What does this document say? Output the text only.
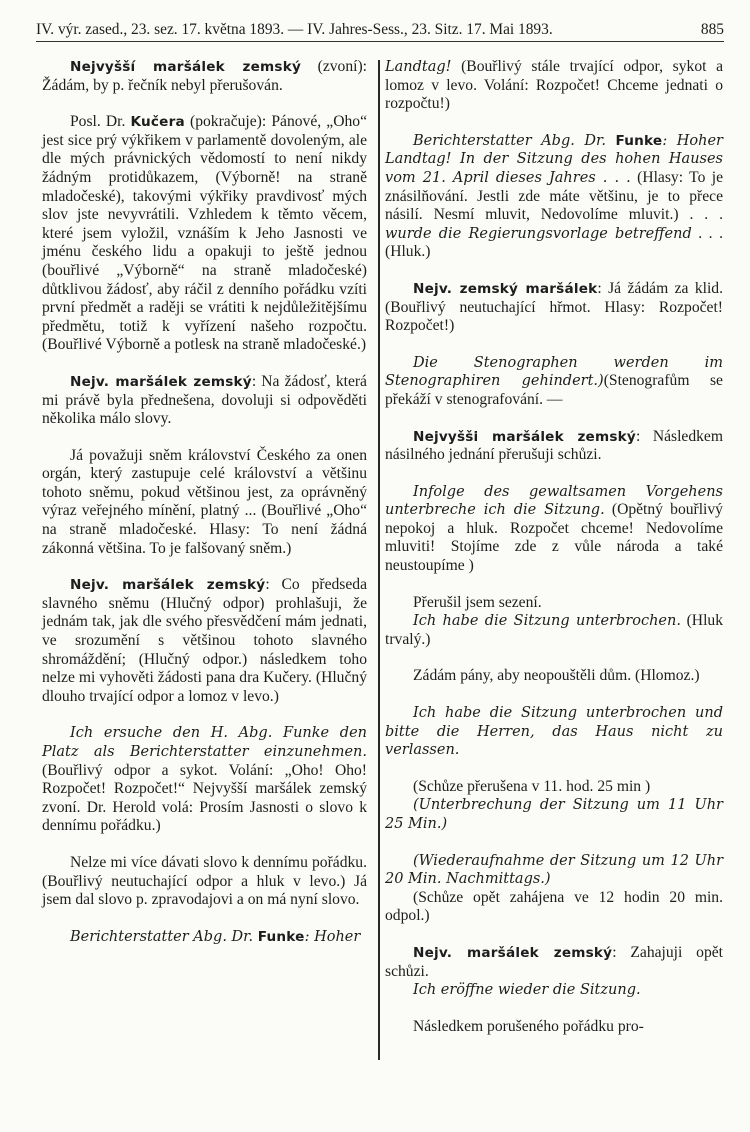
IV. výr. zased., 23. sez. 17. května 1893. — IV. Jahres-Sess., 23. Sitz. 17. Mai 1893.	885

Nejvyšší maršálek zemský (zvoní): Žádám, by p. řečník nebyl přerušován.

Posl. Dr. Kučera (pokračuje): Pánové, „Oho“ jest sice prý výkřikem v parlamentě dovoleným, ale dle mých právnických vědomostí to není nikdy žádným protidůkazem, (Výborně! na straně mladočeské), takovými výkřiky pravdivosť mých slov jste nevyvrátili. Vzhledem k těmto věcem, které jsem vyložil, vznáším k Jeho Jasnosti ve jménu českého lidu a opakuji to ještě jednou (bouřlivé „Výborně“ na straně mladočeské) důtklivou žádosť, aby ráčil z denního pořádku vzíti první předmět a raději se vrátiti k nejdůležitějšímu předmětu, totiž k vyřízení našeho rozpočtu. (Bouřlivé Výborně a potlesk na straně mladočeské.)

Nejv. maršálek zemský: Na žádosť, která mi právě byla přednešena, dovoluji si odpověděti několika málo slovy.

Já považuji sněm království Českého za onen orgán, který zastupuje celé království a většinu tohoto sněmu, pokud většinou jest, za oprávněný výraz veřejného mínění, platný ... (Bouřlivé „Oho“ na straně mladočeské. Hlasy: To není žádná zákonná většina. To je falšovaný sněm.)

Nejv. maršálek zemský: Co předseda slavného sněmu (Hlučný odpor) prohlašuji, že jednám tak, jak dle svého přesvědčení mám jednati, ve srozumění s většinou tohoto slavného shromáždění; (Hlučný odpor.) následkem toho nelze mi vyhověti žádosti pana dra Kučery. (Hlučný dlouho trvající odpor a lomoz v levo.)

Ich ersuche den H. Abg. Funke den Platz als Berichterstatter einzunehmen. (Bouřlivý odpor a sykot. Volání: „Oho! Oho! Rozpočet! Rozpočet!“ Nejvyšší maršálek zemský zvoní. Dr. Herold volá: Prosím Jasnosti o slovo k dennímu pořádku.)

Nelze mi více dávati slovo k dennímu pořádku. (Bouřlivý neutuchající odpor a hluk v levo.) Já jsem dal slovo p. zpravodajovi a on má nyní slovo.

Berichterstatter Abg. Dr. Funke: Hoher

Landtag! (Bouřlivý stále trvající odpor, sykot a lomoz v levo. Volání: Rozpočet! Chceme jednati o rozpočtu!)

Berichterstatter Abg. Dr. Funke: Hoher Landtag! In der Sitzung des hohen Hauses vom 21. April dieses Jahres . . . (Hlasy: To je znásilňování. Jestli zde máte většinu, je to přece násilí. Nesmí mluvit, Nedovolíme mluvit.) . . . wurde die Regierungsvorlage betreffend . . . (Hluk.)

Nejv. zemský maršálek: Já žádám za klid. (Bouřlivý neutuchající hřmot. Hlasy: Rozpočet! Rozpočet!)

Die Stenographen werden im Stenographiren gehindert.)(Stenografům se překáží v stenografování. —

Nejvyšši maršálek zemský: Následkem násilného jednání přerušuji schůzi.

Infolge des gewaltsamen Vorgehens unterbreche ich die Sitzung. (Opětný bouřlivý nepokoj a hluk. Rozpočet chceme! Nedovolíme mluviti! Stojíme zde z vůle národa a také neustoupíme )

Přerušil jsem sezení.

Ich habe die Sitzung unterbrochen. (Hluk trvalý.)

Zádám pány, aby neopouštěli dům. (Hlomoz.)

Ich habe die Sitzung unterbrochen und bitte die Herren, das Haus nicht zu verlassen.

(Schůze přerušena v 11. hod. 25 min )

(Unterbrechung der Sitzung um 11 Uhr 25 Min.)

(Wiederaufnahme der Sitzung um 12 Uhr 20 Min. Nachmittags.)

(Schůze opět zahájena ve 12 hodin 20 min. odpol.)

Nejv. maršálek zemský: Zahajuji opět schůzi.

Ich eröffne wieder die Sitzung.

Následkem porušeného pořádku pro-
